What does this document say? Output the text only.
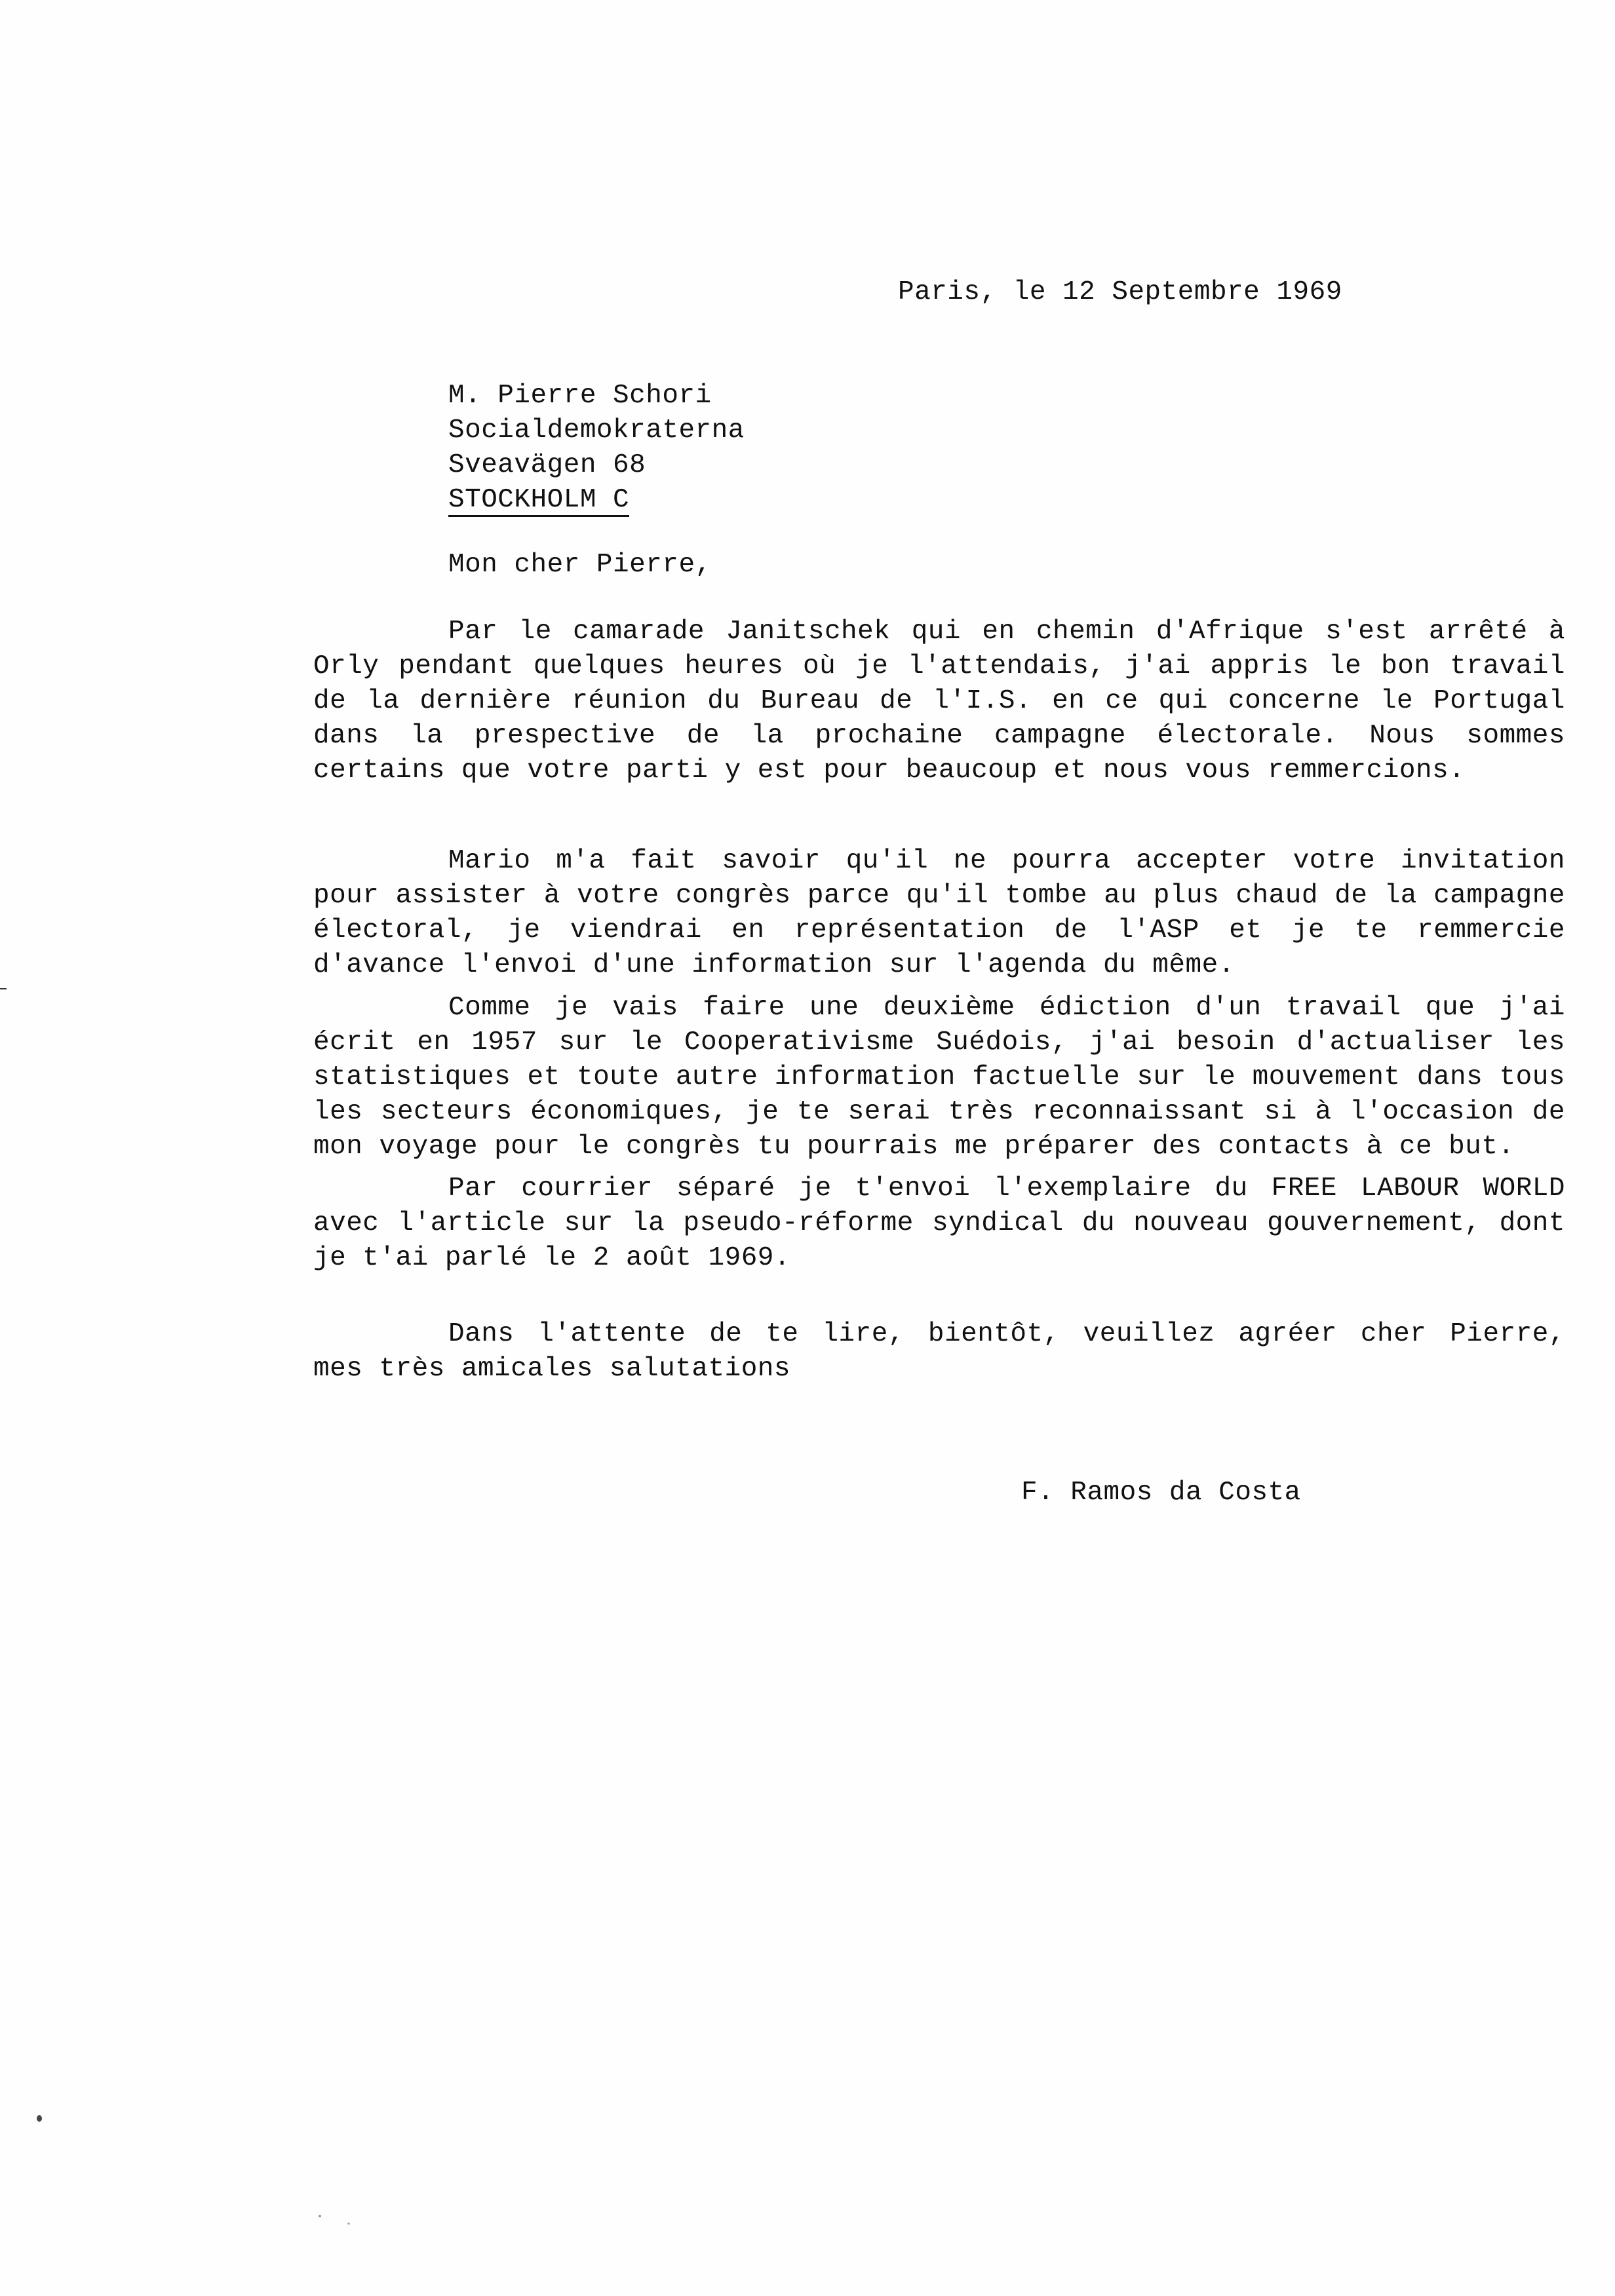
Paris, le 12 Septembre 1969
M. Pierre Schori
Socialdemokraterna
Sveavägen 68
STOCKHOLM C
Mon cher Pierre,

Par le camarade Janitschek qui en chemin d'Afrique s'est arrêté à Orly pendant quelques heures où je l'attendais, j'ai appris le bon travail de la dernière réunion du Bureau de l'I.S. en ce qui concerne le Portugal dans la prespective de la prochaine campagne électorale. Nous sommes certains que votre parti y est pour beaucoup et nous vous remmercions.

Mario m'a fait savoir qu'il ne pourra accepter votre invitation pour assister à votre congrès parce qu'il tombe au plus chaud de la campagne électoral, je viendrai en représentation de l'ASP et je te remmercie d'avance l'envoi d'une information sur l'agenda du même.

Comme je vais faire une deuxième édiction d'un travail que j'ai écrit en 1957 sur le Cooperativisme Suédois, j'ai besoin d'actualiser les statistiques et toute autre information factuelle sur le mouvement dans tous les secteurs économiques, je te serai très reconnaissant si à l'occasion de mon voyage pour le congrès tu pourrais me préparer des contacts à ce but.

Par courrier séparé je t'envoi l'exemplaire du FREE LABOUR WORLD avec l'article sur la pseudo-réforme syndical du nouveau gouvernement, dont je t'ai parlé le 2 août 1969.

Dans l'attente de te lire, bientôt, veuillez agréer cher Pierre, mes très amicales salutations

F. Ramos da Costa
